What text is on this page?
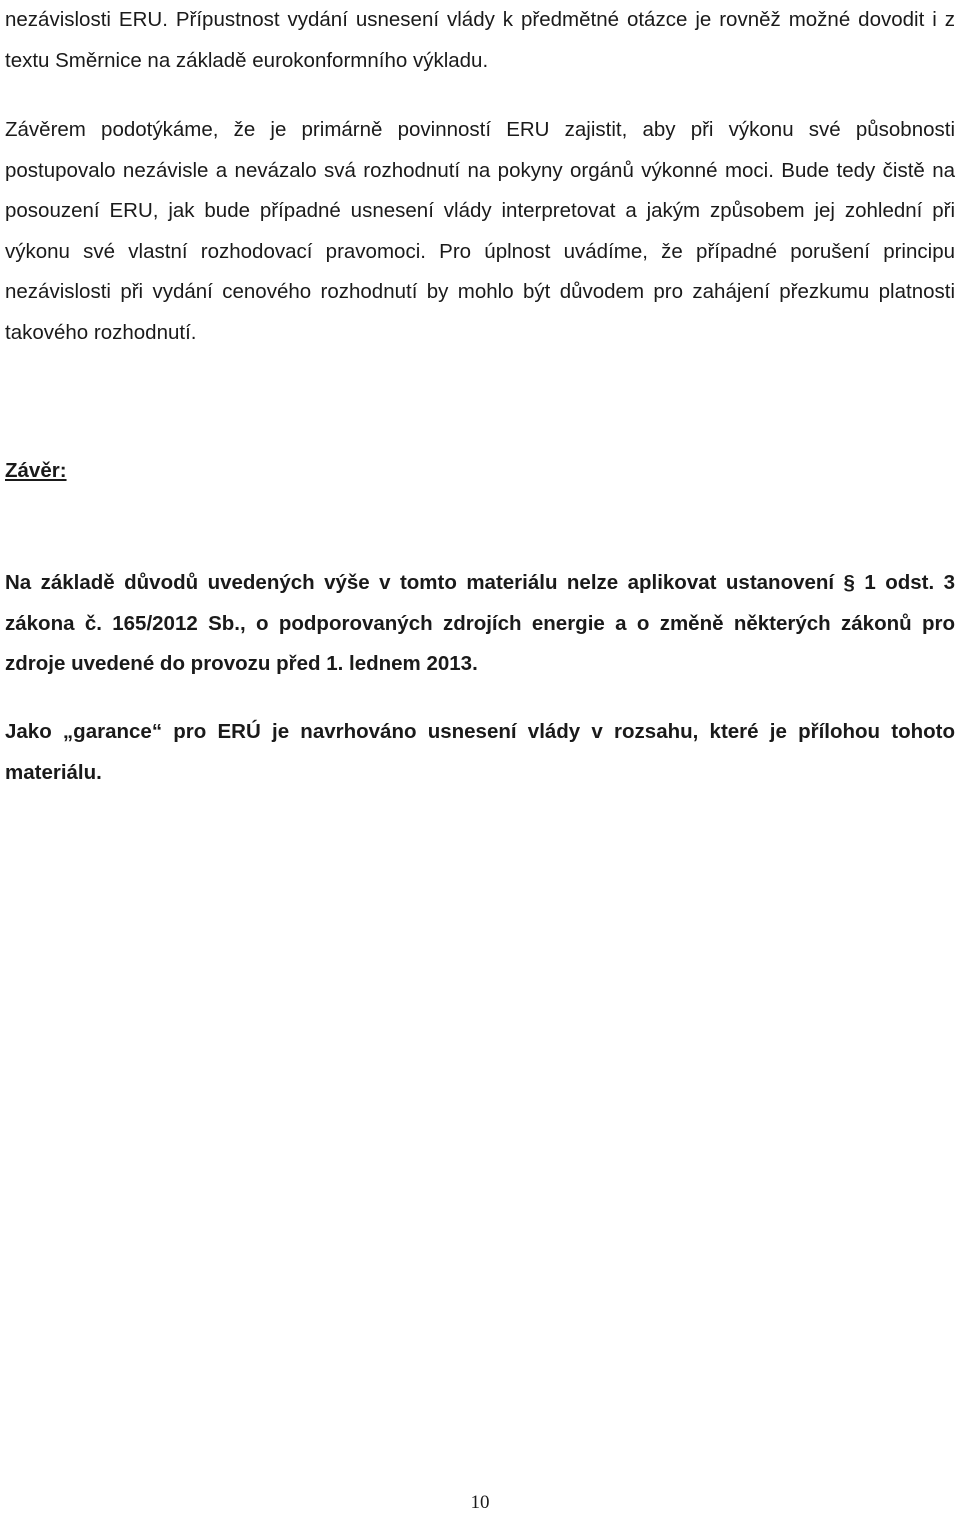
nezávislosti ERU. Přípustnost vydání usnesení vlády k předmětné otázce je rovněž možné dovodit i z textu Směrnice na základě eurokonformního výkladu.

Závěrem podotýkáme, že je primárně povinností ERU zajistit, aby při výkonu své působnosti postupovalo nezávisle a nevázalo svá rozhodnutí na pokyny orgánů výkonné moci. Bude tedy čistě na posouzení ERU, jak bude případné usnesení vlády interpretovat a jakým způsobem jej zohlední při výkonu své vlastní rozhodovací pravomoci. Pro úplnost uvádíme, že případné porušení principu nezávislosti při vydání cenového rozhodnutí by mohlo být důvodem pro zahájení přezkumu platnosti takového rozhodnutí.

Závěr:

Na základě důvodů uvedených výše v tomto materiálu nelze aplikovat ustanovení § 1 odst. 3 zákona č. 165/2012 Sb., o podporovaných zdrojích energie a o změně některých zákonů pro zdroje uvedené do provozu před 1. lednem 2013.

Jako „garance“ pro ERÚ je navrhováno usnesení vlády v rozsahu, které je přílohou tohoto materiálu.

10
